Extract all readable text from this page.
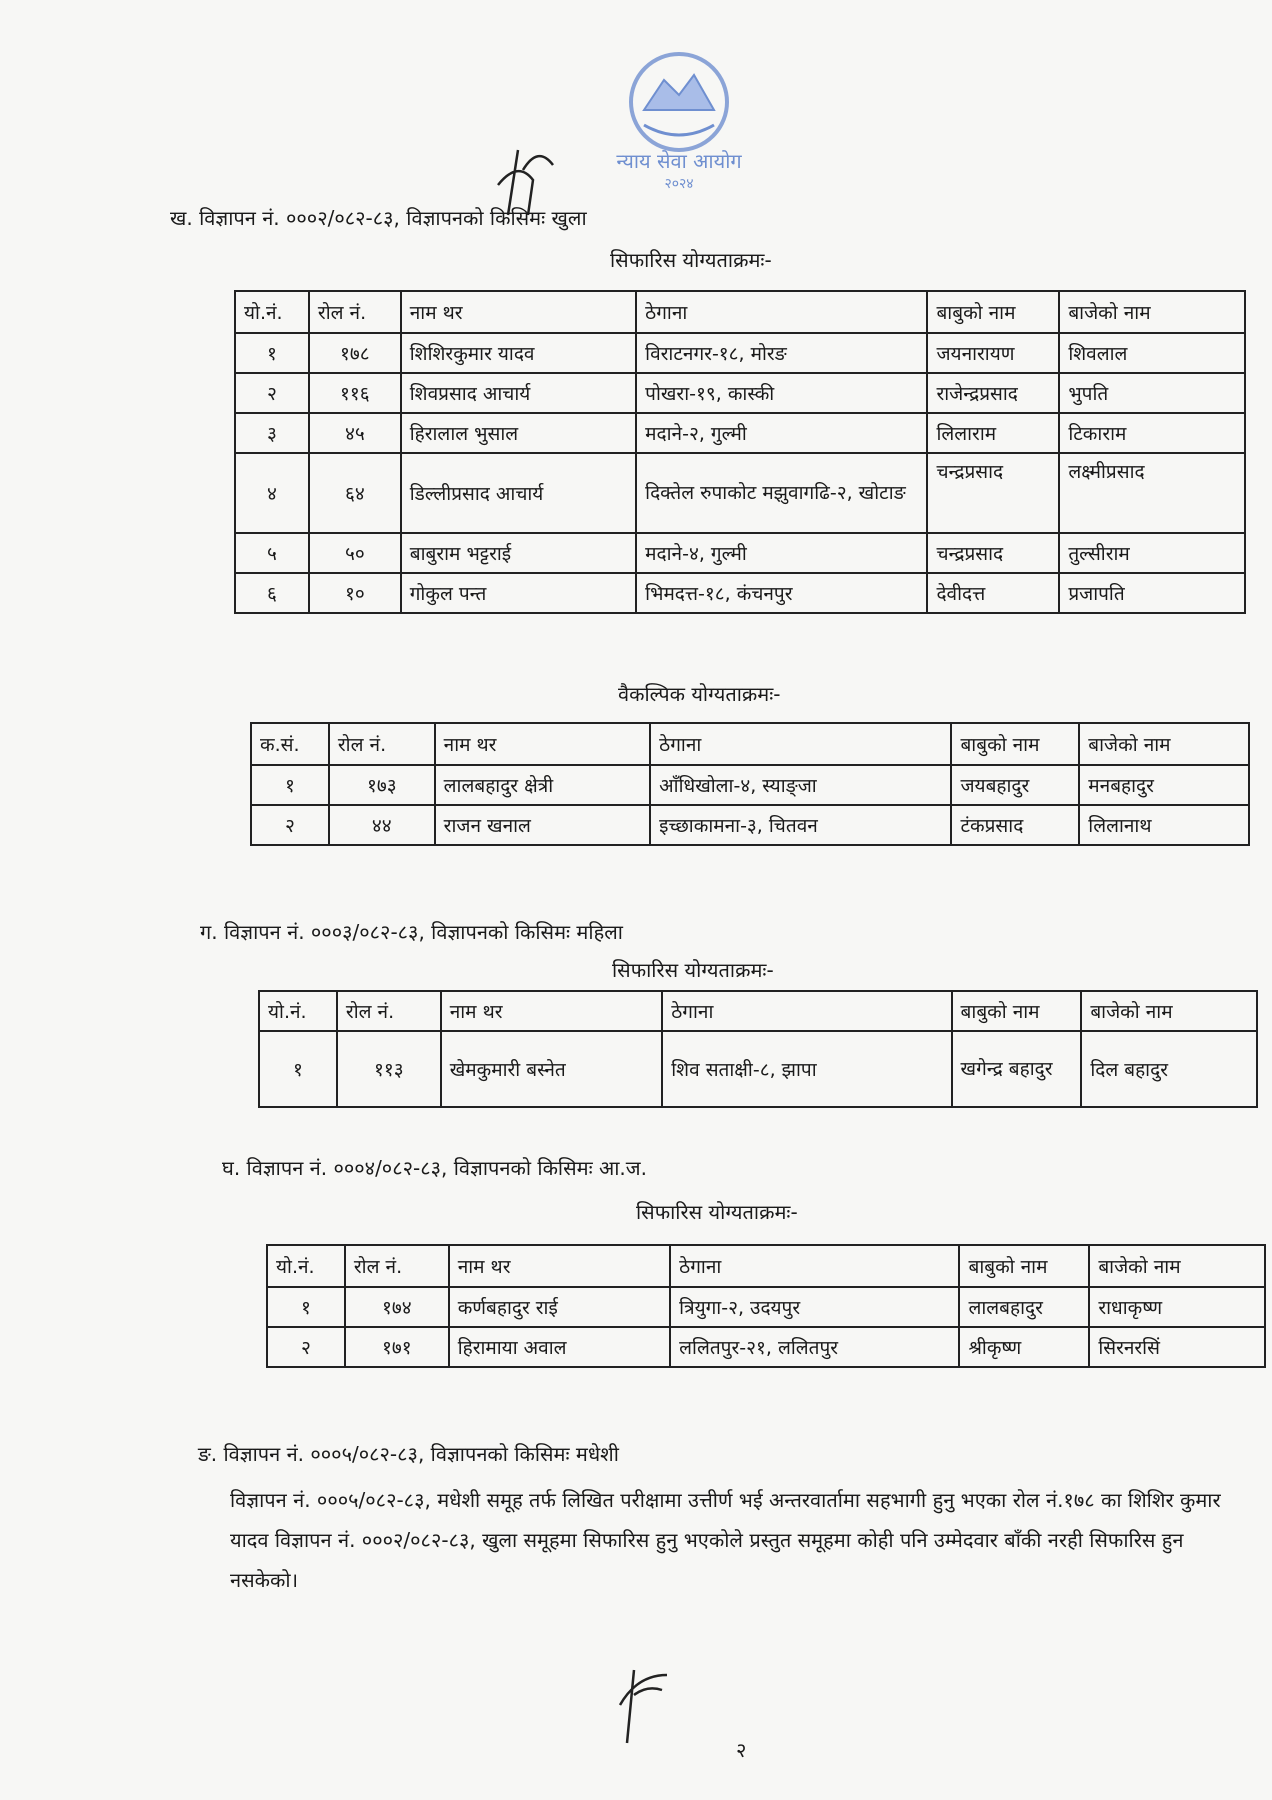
न्याय सेवा आयोग
२०२४
ख. विज्ञापन नं. ०००२/०८२-८३, विज्ञापनको किसिमः खुला
सिफारिस योग्यताक्रमः-
यो.नं.	रोल नं.	नाम थर	ठेगाना	बाबुको नाम	बाजेको नाम
१	१७८	शिशिरकुमार यादव	विराटनगर-१८, मोरङ	जयनारायण	शिवलाल
२	११६	शिवप्रसाद आचार्य	पोखरा-१९, कास्की	राजेन्द्रप्रसाद	भुपति
३	४५	हिरालाल भुसाल	मदाने-२, गुल्मी	लिलाराम	टिकाराम
४	६४	डिल्लीप्रसाद आचार्य	दिक्तेल रुपाकोट मझुवागढि-२, खोटाङ	चन्द्रप्रसाद	लक्ष्मीप्रसाद
५	५०	बाबुराम भट्टराई	मदाने-४, गुल्मी	चन्द्रप्रसाद	तुल्सीराम
६	१०	गोकुल पन्त	भिमदत्त-१८, कंचनपुर	देवीदत्त	प्रजापति
वैकल्पिक योग्यताक्रमः-
क.सं.	रोल नं.	नाम थर	ठेगाना	बाबुको नाम	बाजेको नाम
१	१७३	लालबहादुर क्षेत्री	आँधिखोला-४, स्याङ्जा	जयबहादुर	मनबहादुर
२	४४	राजन खनाल	इच्छाकामना-३, चितवन	टंकप्रसाद	लिलानाथ
ग. विज्ञापन नं. ०००३/०८२-८३, विज्ञापनको किसिमः महिला
सिफारिस योग्यताक्रमः-
यो.नं.	रोल नं.	नाम थर	ठेगाना	बाबुको नाम	बाजेको नाम
१	११३	खेमकुमारी बस्नेत	शिव सताक्षी-८, झापा	खगेन्द्र बहादुर	दिल बहादुर
घ. विज्ञापन नं. ०००४/०८२-८३, विज्ञापनको किसिमः आ.ज.
सिफारिस योग्यताक्रमः-
यो.नं.	रोल नं.	नाम थर	ठेगाना	बाबुको नाम	बाजेको नाम
१	१७४	कर्णबहादुर राई	त्रियुगा-२, उदयपुर	लालबहादुर	राधाकृष्ण
२	१७१	हिरामाया अवाल	ललितपुर-२१, ललितपुर	श्रीकृष्ण	सिरनरसिं
ङ. विज्ञापन नं. ०००५/०८२-८३, विज्ञापनको किसिमः मधेशी
विज्ञापन नं. ०००५/०८२-८३, मधेशी समूह तर्फ लिखित परीक्षामा उत्तीर्ण भई अन्तरवार्तामा सहभागी हुनु भएका रोल नं.१७८ का शिशिर कुमार यादव विज्ञापन नं. ०००२/०८२-८३, खुला समूहमा सिफारिस हुनु भएकोले प्रस्तुत समूहमा कोही पनि उम्मेदवार बाँकी नरही सिफारिस हुन नसकेको।
२
